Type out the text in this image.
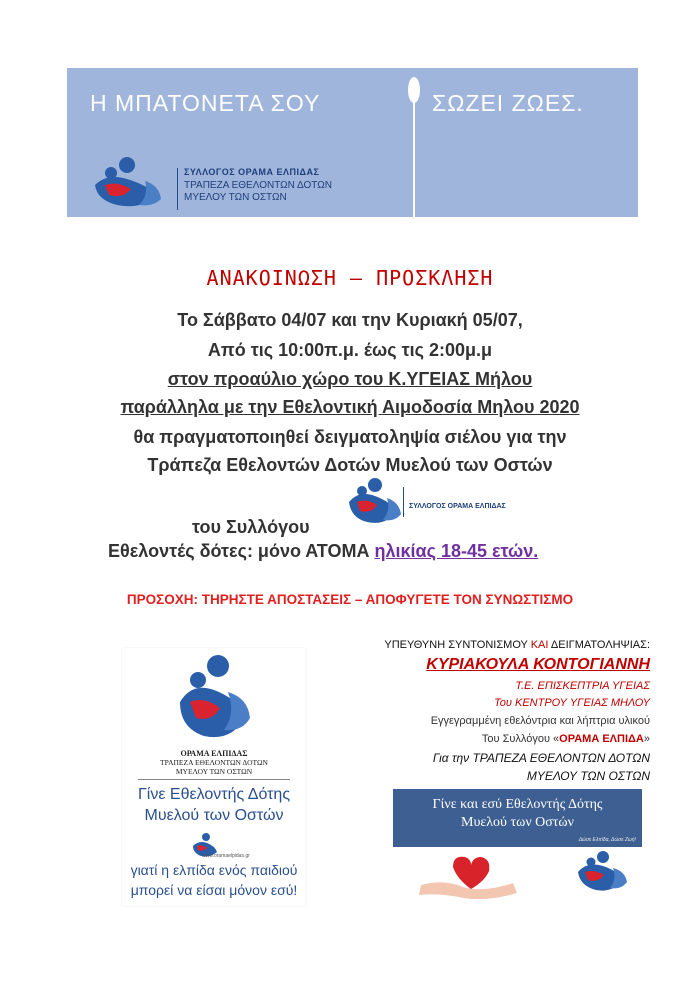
Η ΜΠΑΤΟΝΕΤΑ ΣΟΥ	ΣΩΖΕΙ ΖΩΕΣ.
ΣΥΛΛΟΓΟΣ ΟΡΑΜΑ ΕΛΠΙΔΑΣ
ΤΡΑΠΕΖΑ ΕΘΕΛΟΝΤΩΝ ΔΟΤΩΝ
ΜΥΕΛΟΥ ΤΩΝ ΟΣΤΩΝ
ΑΝΑΚΟΙΝΩΣΗ – ΠΡΟΣΚΛΗΣΗ
Το Σάββατο 04/07 και την Κυριακή 05/07,
Από τις 10:00π.μ. έως τις 2:00μ.μ
στον προαύλιο χώρο του Κ.ΥΓΕΙΑΣ Μήλου
παράλληλα με την Εθελοντική Αιμοδοσία Μηλου 2020
θα πραγματοποιηθεί δειγματοληψία σιέλου για την
Τράπεζα Εθελοντών Δοτών Μυελού των Οστών
του Συλλόγου
ΣΥΛΛΟΓΟΣ ΟΡΑΜΑ ΕΛΠΙΔΑΣ
Εθελοντές δότες: μόνο ΑΤΟΜΑ ηλικίας 18-45 ετών.
ΠΡΟΣΟΧΗ: ΤΗΡΗΣΤΕ ΑΠΟΣΤΑΣΕΙΣ – ΑΠΟΦΥΓΕΤΕ ΤΟΝ ΣΥΝΩΣΤΙΣΜΟ
ΟΡΑΜΑ ΕΛΠΙΔΑΣ
ΤΡΑΠΕΖΑ ΕΘΕΛΟΝΤΩΝ ΔΟΤΩΝ
ΜΥΕΛΟΥ ΤΩΝ ΟΣΤΩΝ
Γίνε Εθελοντής Δότης
Μυελού των Οστών
www.oramaelpidas.gr
γιατί η ελπίδα ενός παιδιού
μπορεί να είσαι μόνον εσύ!
ΥΠΕΥΘΥΝΗ ΣΥΝΤΟΝΙΣΜΟΥ ΚΑΙ ΔΕΙΓΜΑΤΟΛΗΨΙΑΣ:
ΚΥΡΙΑΚΟΥΛΑ ΚΟΝΤΟΓΙΑΝΝΗ
Τ.Ε. ΕΠΙΣΚΕΠΤΡΙΑ ΥΓΕΙΑΣ
Του ΚΕΝΤΡΟΥ ΥΓΕΙΑΣ ΜΗΛΟΥ
Εγγεγραμμένη εθελόντρια και λήπτρια υλικού
Του Συλλόγου «ΟΡΑΜΑ ΕΛΠΙΔΑ»
Για την ΤΡΑΠΕΖΑ ΕΘΕΛΟΝΤΩΝ ΔΟΤΩΝ
ΜΥΕΛΟΥ ΤΩΝ ΟΣΤΩΝ
Γίνε και εσύ Εθελοντής Δότης
Μυελού των Οστών
Δώσε Ελπίδα, Δώσε Ζωή!
